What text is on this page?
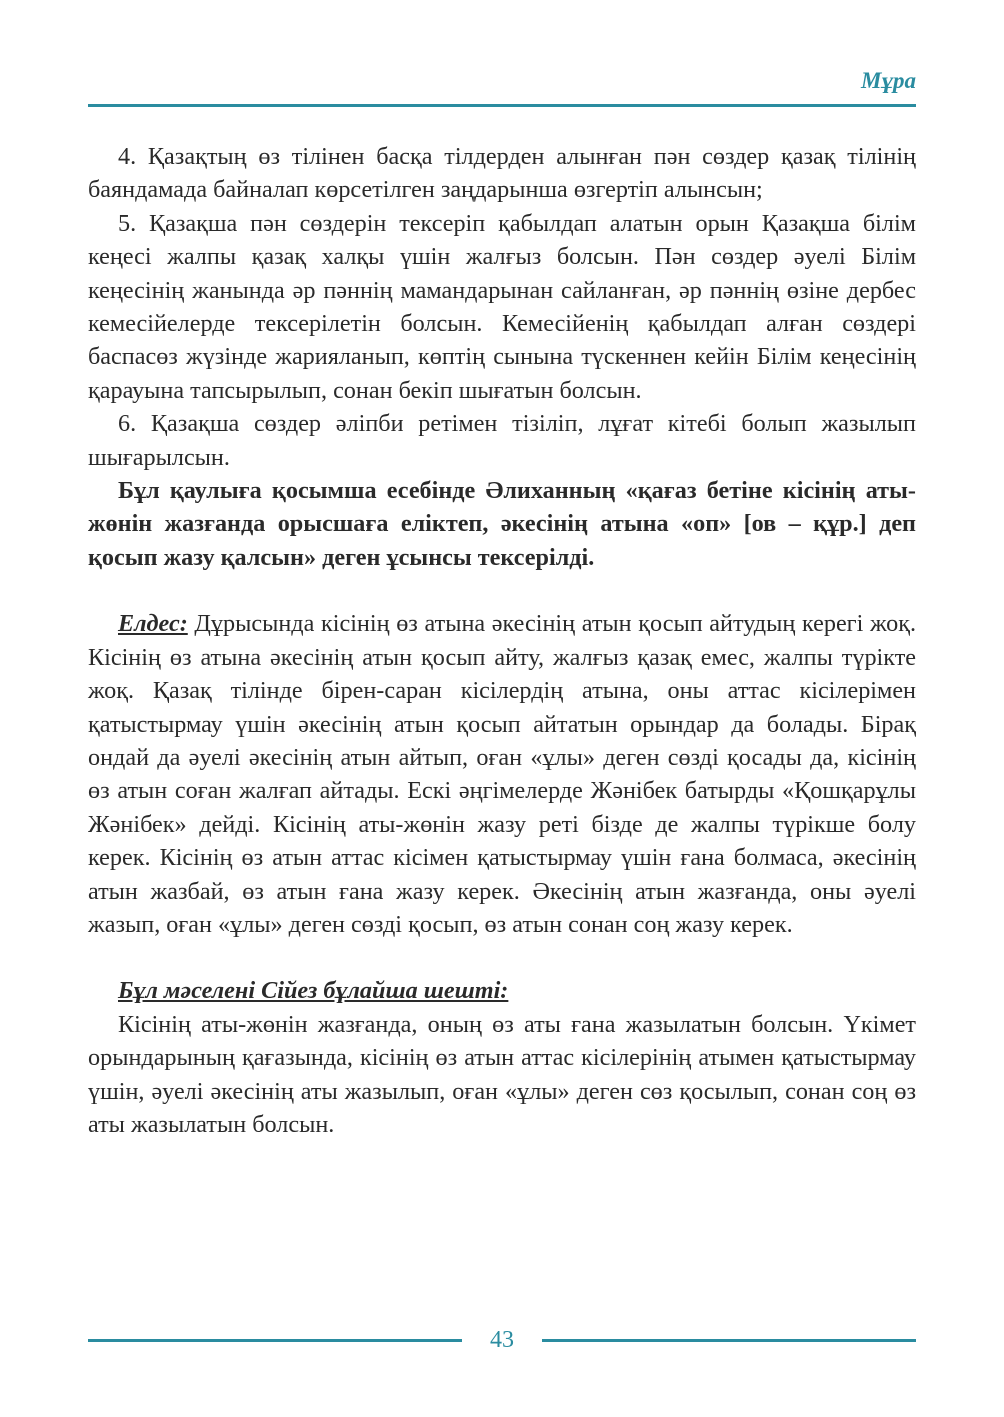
Мұра

4. Қазақтың өз тілінен басқа тілдерден алынған пән сөздер қазақ тілінің баяндамада байналап көрсетілген заңдарынша өзгертіп алынсын;

5. Қазақша пән сөздерін тексеріп қабылдап алатын орын Қазақша білім кеңесі жалпы қазақ халқы үшін жалғыз болсын. Пән сөздер әуелі Білім кеңесінің жанында әр пәннің мамандарынан сайланған, әр пәннің өзіне дербес кемесійелерде тексерілетін болсын. Кемесійенің қабылдап алған сөздері баспасөз жүзінде жарияланып, көптің сынына түскеннен кейін Білім кеңесінің қарауына тапсырылып, сонан бекіп шығатын болсын.

6. Қазақша сөздер әліпби ретімен тізіліп, лұғат кітебі болып жазылып шығарылсын.

Бұл қаулыға қосымша есебінде Әлиханның «қағаз бетіне кісінің аты-жөнін жазғанда орысшаға еліктеп, әкесінің атына «оп» [ов – құр.] деп қосып жазу қалсын» деген ұсынсы тексерілді.

Елдес: Дұрысында кісінің өз атына әкесінің атын қосып айтудың керегі жоқ. Кісінің өз атына әкесінің атын қосып айту, жалғыз қазақ емес, жалпы түрікте жоқ. Қазақ тілінде бірен-саран кісілердің атына, оны аттас кісілерімен қатыстырмау үшін әкесінің атын қосып айтатын орындар да болады. Бірақ ондай да әуелі әкесінің атын айтып, оған «ұлы» деген сөзді қосады да, кісінің өз атын соған жалғап айтады. Ескі әңгімелерде Жәнібек батырды «Қошқарұлы Жәнібек» дейді. Кісінің аты-жөнін жазу реті бізде де жалпы түрікше болу керек. Кісінің өз атын аттас кісімен қатыстырмау үшін ғана болмаса, әкесінің атын жазбай, өз атын ғана жазу керек. Әкесінің атын жазғанда, оны әуелі жазып, оған «ұлы» деген сөзді қосып, өз атын сонан соң жазу керек.

Бұл мәселені Сійез бұлайша шешті:

Кісінің аты-жөнін жазғанда, оның өз аты ғана жазылатын болсын. Үкімет орындарының қағазында, кісінің өз атын аттас кісілерінің атымен қатыстырмау үшін, әуелі әкесінің аты жазылып, оған «ұлы» деген сөз қосылып, сонан соң өз аты жазылатын болсын.

43
